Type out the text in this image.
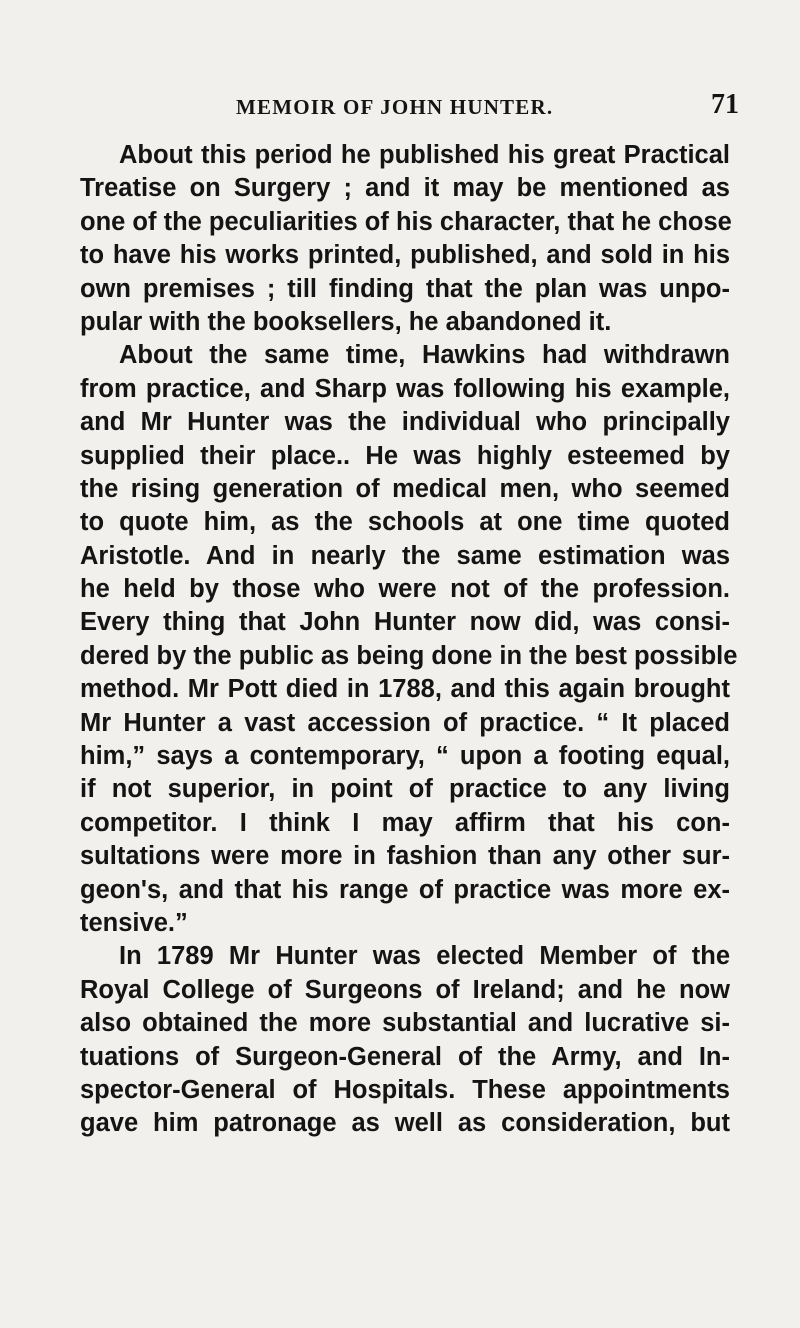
MEMOIR OF JOHN HUNTER.	71
About this period he published his great Practical
Treatise on Surgery ; and it may be mentioned as
one of the peculiarities of his character, that he chose
to have his works printed, published, and sold in his
own premises ; till finding that the plan was unpo-
pular with the booksellers, he abandoned it.
About the same time, Hawkins had withdrawn
from practice, and Sharp was following his example,
and Mr Hunter was the individual who principally
supplied their place.. He was highly esteemed by
the rising generation of medical men, who seemed
to quote him, as the schools at one time quoted
Aristotle. And in nearly the same estimation was
he held by those who were not of the profession.
Every thing that John Hunter now did, was consi-
dered by the public as being done in the best possible
method. Mr Pott died in 1788, and this again brought
Mr Hunter a vast accession of practice. “ It placed
him,” says a contemporary, “ upon a footing equal,
if not superior, in point of practice to any living
competitor. I think I may affirm that his con-
sultations were more in fashion than any other sur-
geon's, and that his range of practice was more ex-
tensive.”
In 1789 Mr Hunter was elected Member of the
Royal College of Surgeons of Ireland; and he now
also obtained the more substantial and lucrative si-
tuations of Surgeon-General of the Army, and In-
spector-General of Hospitals. These appointments
gave him patronage as well as consideration, but
